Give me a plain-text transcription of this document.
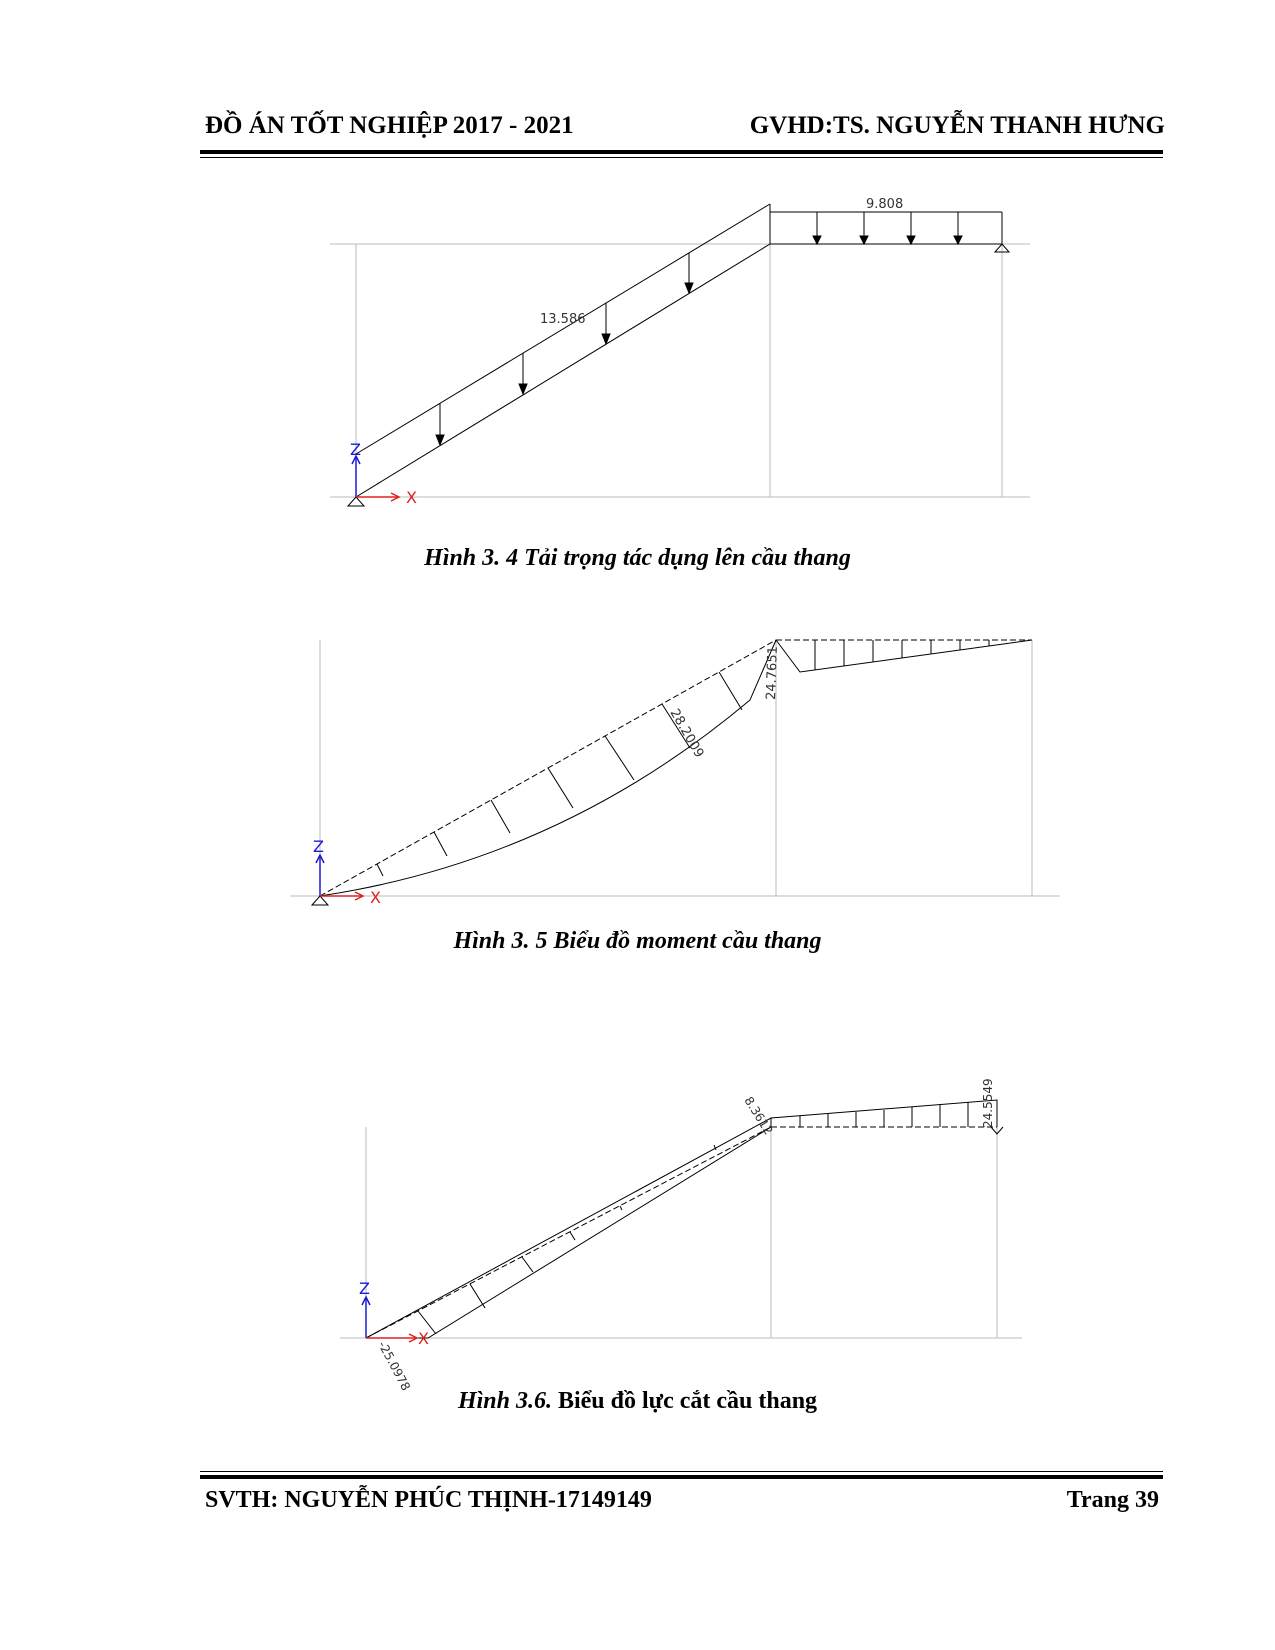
ĐỒ ÁN TỐT NGHIỆP 2017 - 2021	GVHD:TS. NGUYỄN THANH HƯNG
Z
X
13.586
9.808
Hình 3. 4 Tải trọng tác dụng lên cầu thang
Z
X
28.2009
24.7651
Hình 3. 5 Biểu đồ moment cầu thang
Z
X
-25.0978
8.3612	24.5549
Hình 3.6. Biểu đồ lực cắt cầu thang
SVTH: NGUYỄN PHÚC THỊNH-17149149	Trang 39
